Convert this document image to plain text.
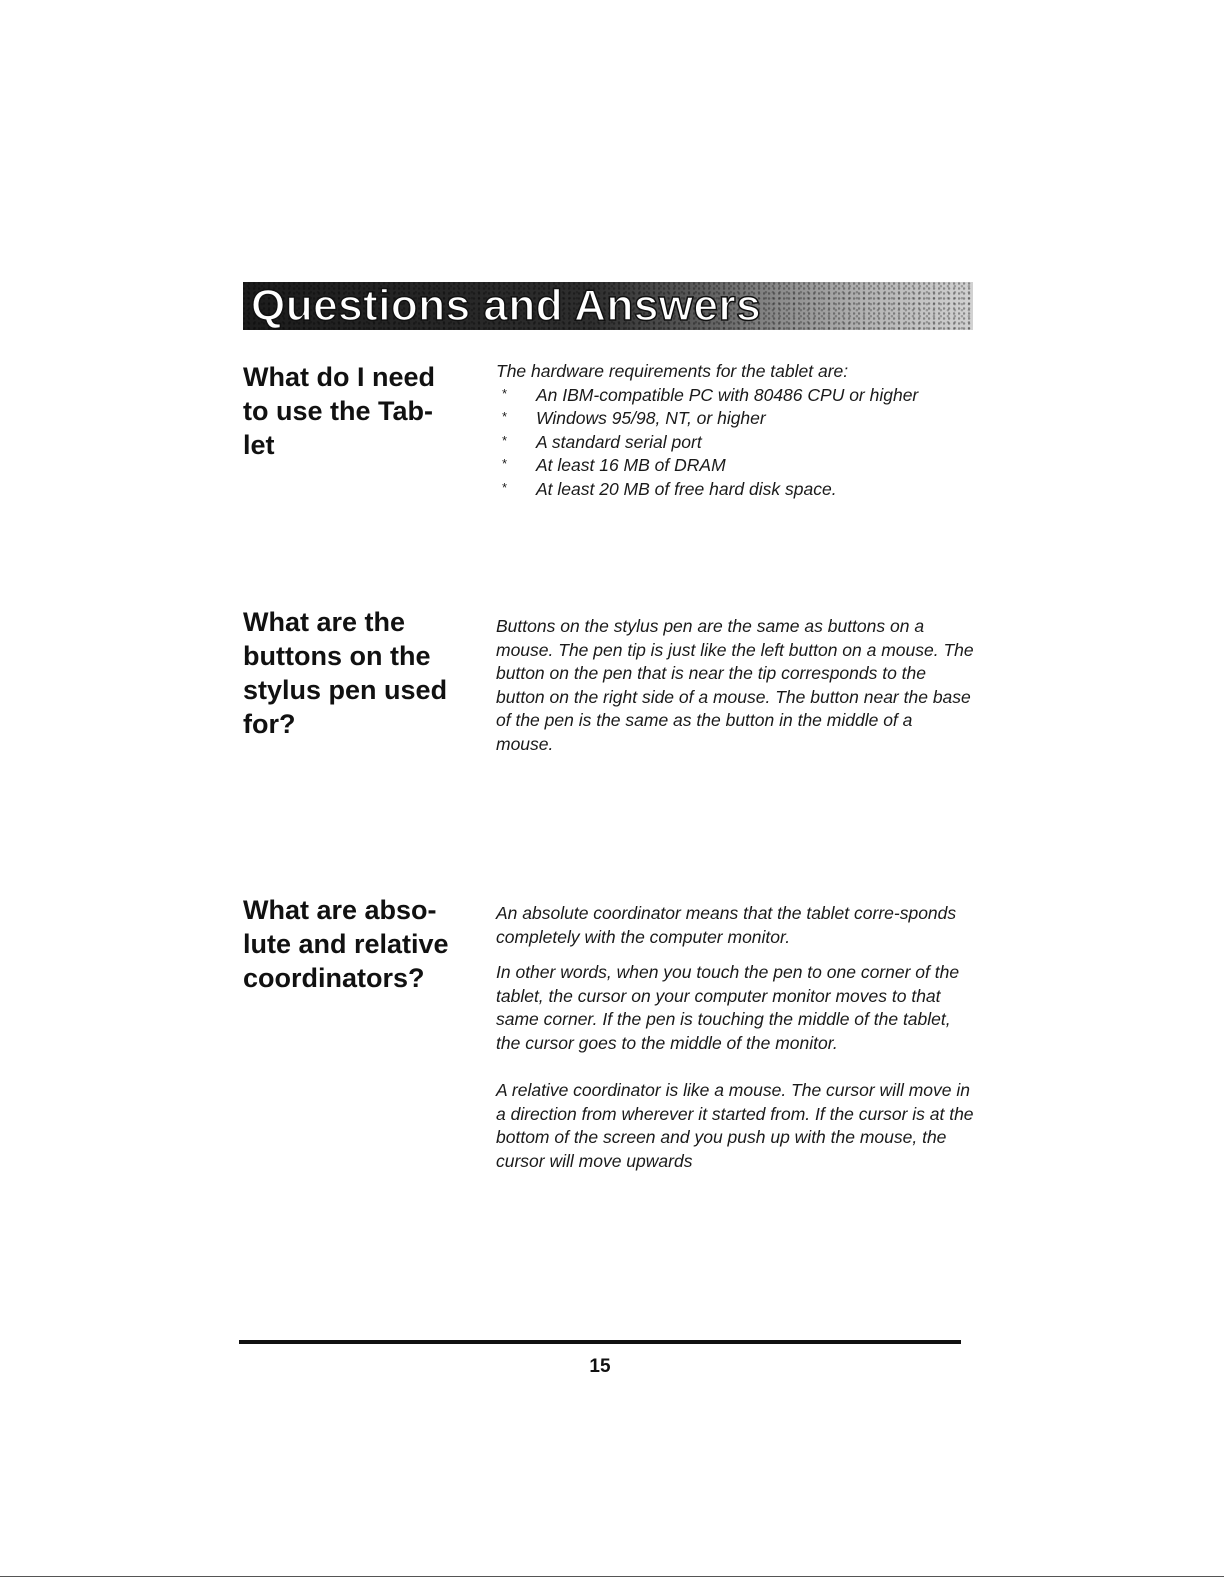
Questions and Answers
What do I need
to use the Tab-
let

The hardware requirements for the tablet are:

* An IBM-compatible PC with 80486 CPU or higher
* Windows 95/98, NT, or higher
* A standard serial port
* At least 16 MB of DRAM
* At least 20 MB of free hard disk space.
What are the
buttons on the
stylus pen used
for?

Buttons on the stylus pen are the same as buttons on a mouse. The pen tip is just like the left button on a mouse. The button on the pen that is near the tip corresponds to the button on the right side of a mouse. The button near the base of the pen is the same as the button in the middle of a mouse.

What are abso-
lute and relative
coordinators?

An absolute coordinator means that the tablet corre-sponds completely with the computer monitor.

In other words, when you touch the pen to one corner of the tablet, the cursor on your computer monitor moves to that same corner. If the pen is touching the middle of the tablet, the cursor goes to the middle of the monitor.

A relative coordinator is like a mouse. The cursor will move in a direction from wherever it started from. If the cursor is at the bottom of the screen and you push up with the mouse, the cursor will move upwards

15
